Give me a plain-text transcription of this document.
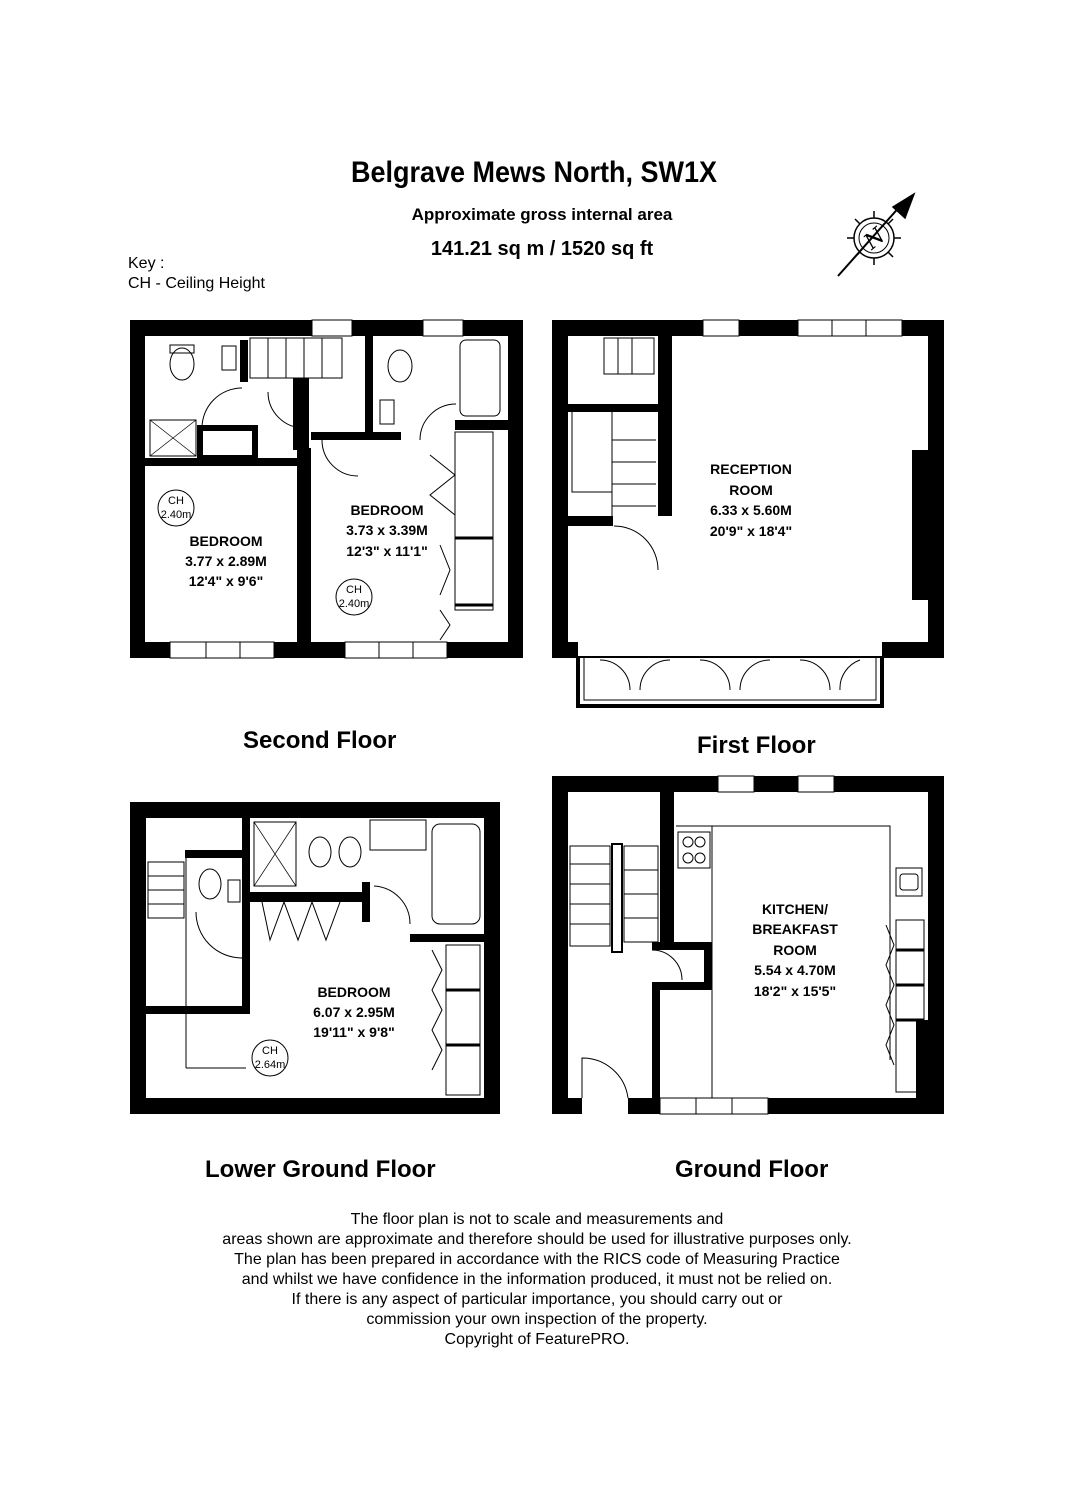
Belgrave Mews North, SW1X
Approximate gross internal area
141.21 sq m / 1520 sq ft
Key :
CH - Ceiling Height
N
BEDROOM
3.77 x 2.89M
12'4" x 9'6"
BEDROOM
3.73 x 3.39M
12'3" x 11'1"
CH
2.40m
CH
2.40m
RECEPTION
ROOM
6.33 x 5.60M
20'9" x 18'4"
BEDROOM
6.07 x 2.95M
19'11" x 9'8"
CH
2.64m
KITCHEN/
BREAKFAST
ROOM
5.54 x 4.70M
18'2" x 15'5"
Second Floor	First Floor
Lower Ground Floor	Ground Floor
The floor plan is not to scale and measurements and
areas shown are approximate and therefore should be used for illustrative purposes only.
The plan has been prepared in accordance with the RICS code of Measuring Practice
and whilst we have confidence in the information produced, it must not be relied on.
If there is any aspect of particular importance, you should carry out or
commission your own inspection of the property.
Copyright of FeaturePRO.
